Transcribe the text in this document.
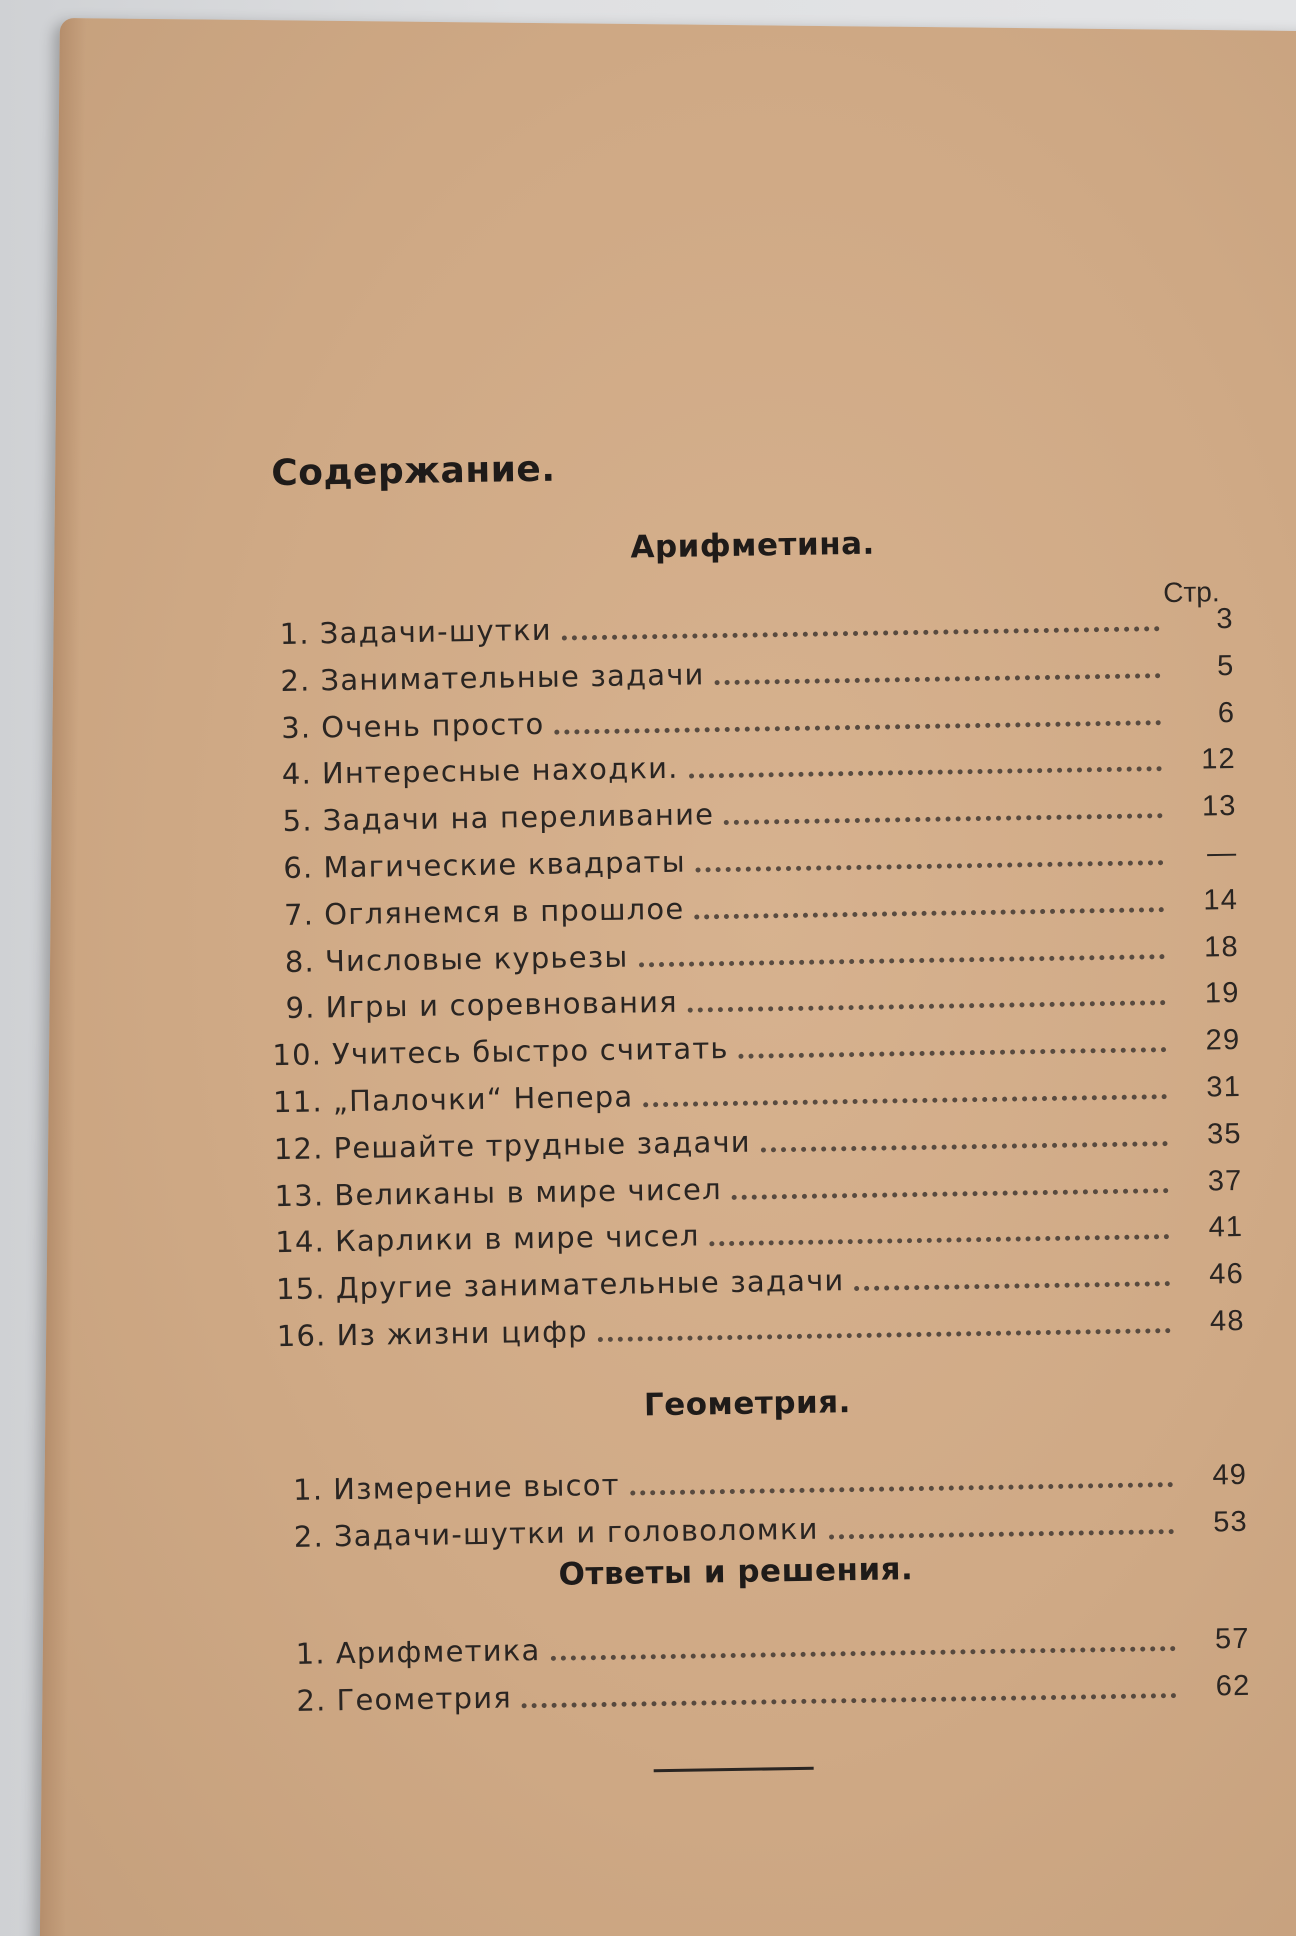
Содержание.
Арифметина.
Стр.
1. Задачи-шутки	3
2. Занимательные задачи	5
3. Очень просто	6
4. Интересные находки.	12
5. Задачи на переливание	13
6. Магические квадраты	—
7. Оглянемся в прошлое	14
8. Числовые курьезы	18
9. Игры и соревнования	19
10. Учитесь быстро считать	29
11. „Палочки“ Непера	31
12. Решайте трудные задачи	35
13. Великаны в мире чисел	37
14. Карлики в мире чисел	41
15. Другие занимательные задачи	46
16. Из жизни цифр	48
Геометрия.
1. Измерение высот	49
2. Задачи-шутки и головоломки	53
Ответы и решения.
1. Арифметика	57
2. Геометрия	62
